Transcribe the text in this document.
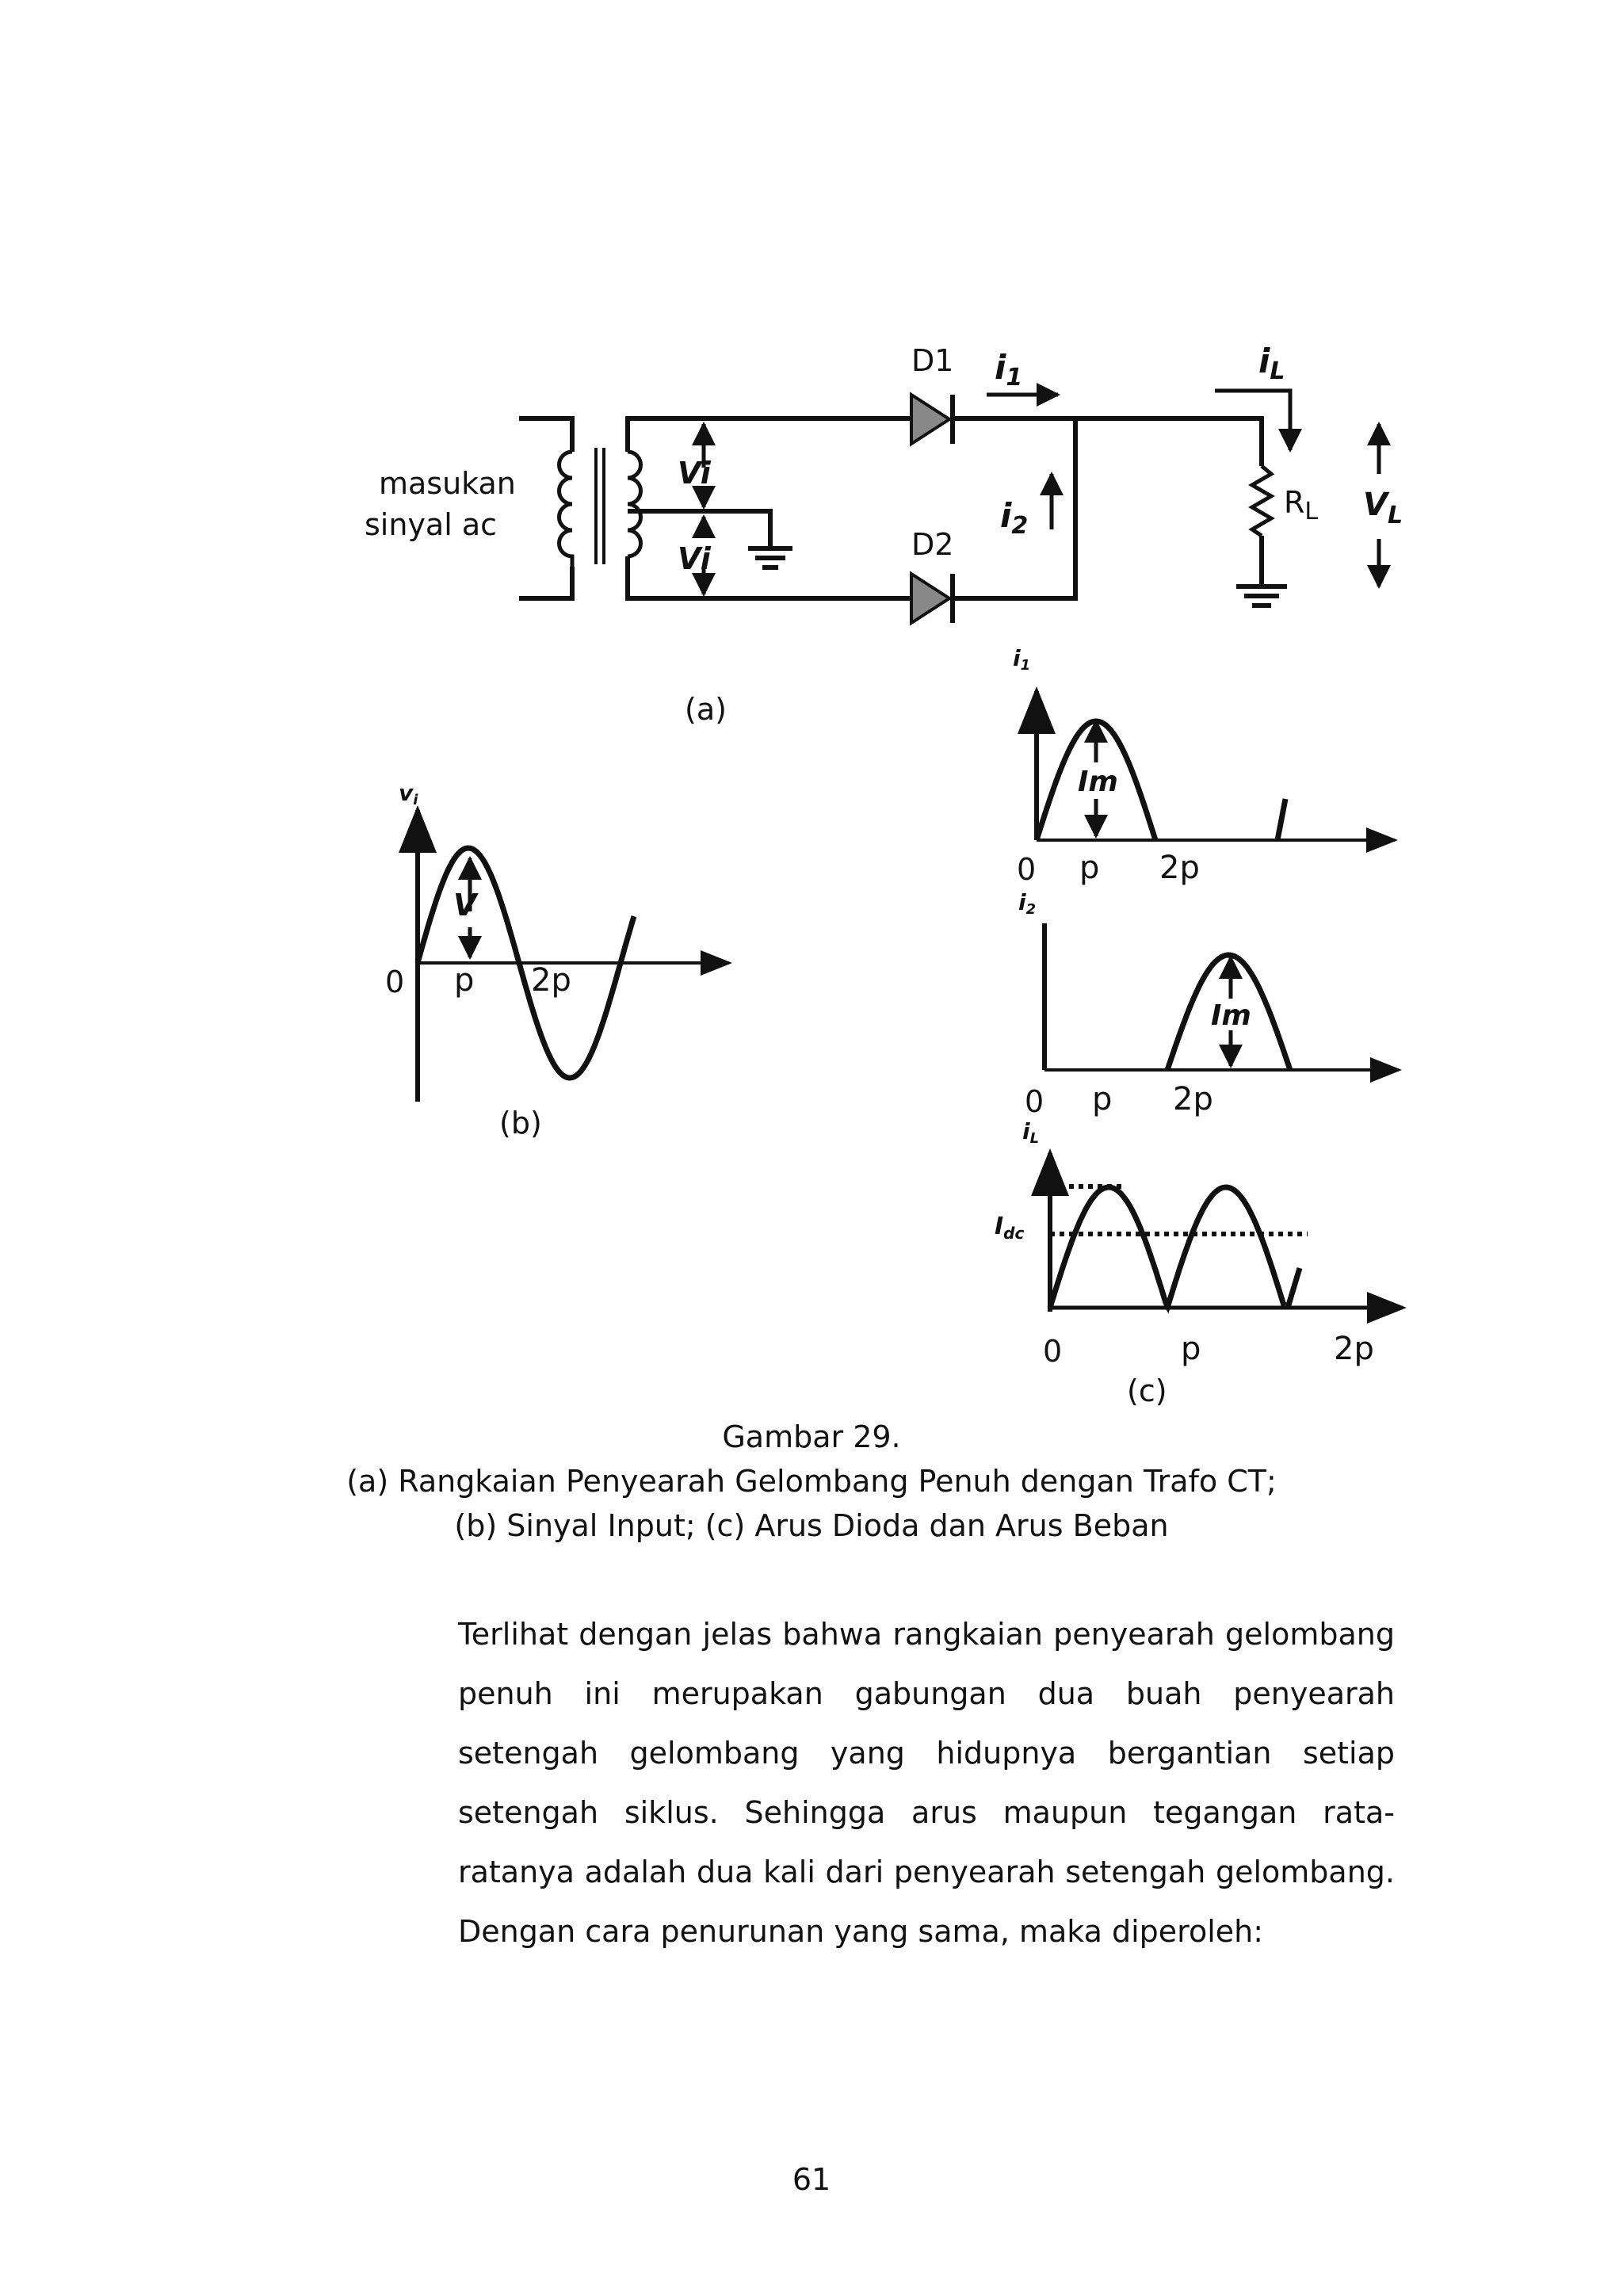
masukan
sinyal ac
Vi
Vi
D1
D2
i1
i2
iL
$R_L$ $V_L$
(a)
vi
V
0 p 2p
(b)
i1
Im
0 p 2p
i2
Im
0 p 2p
iL
$I_{dc}$
0	p	2p
(c)
Gambar 29.
(a) Rangkaian Penyearah Gelombang Penuh dengan Trafo CT;
(b) Sinyal Input; (c) Arus Dioda dan Arus Beban

Terlihat dengan jelas bahwa rangkaian penyearah gelombang penuh ini merupakan gabungan dua buah penyearah setengah gelombang yang hidupnya bergantian setiap setengah siklus. Sehingga arus maupun tegangan rata-ratanya adalah dua kali dari penyearah setengah gelombang. Dengan cara penurunan yang sama, maka diperoleh:

61
